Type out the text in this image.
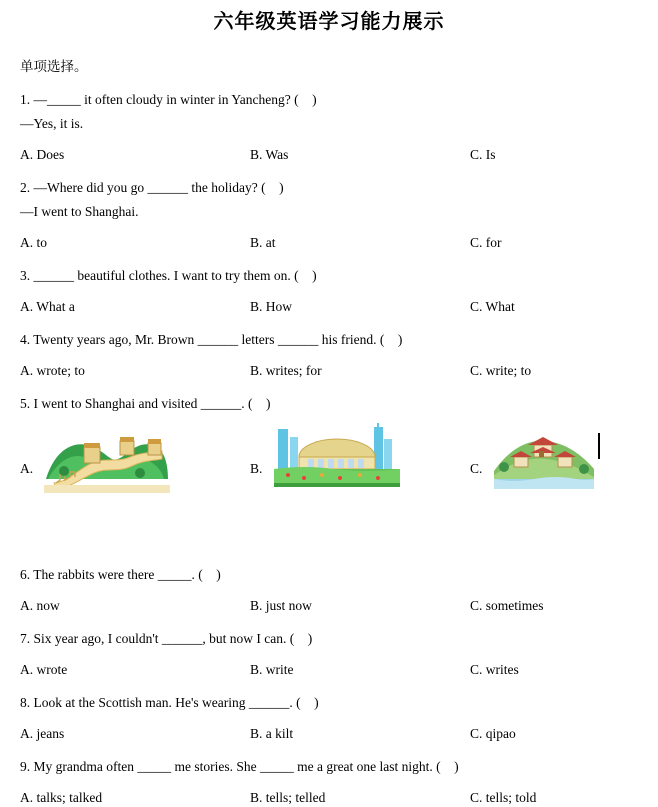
六年级英语学习能力展示
单项选择。
1. —_____ it often cloudy in winter in Yancheng? (    )
—Yes, it is.
A. Does	B. Was	C. Is
2. —Where did you go ______ the holiday? (    )
—I went to Shanghai.
A. to	B. at	C. for
3. ______ beautiful clothes. I want to try them on. (    )
A. What a	B. How	C. What
4. Twenty years ago, Mr. Brown ______ letters ______ his friend. (    )
A. wrote; to	B. writes; for	C. write; to
5. I went to Shanghai and visited ______. (    )
A.	B.	C.
6. The rabbits were there _____. (    )
A. now	B. just now	C. sometimes
7. Six year ago, I couldn't ______, but now I can. (    )
A. wrote	B. write	C. writes
8. Look at the Scottish man. He's wearing ______. (    )
A. jeans	B. a kilt	C. qipao
9. My grandma often _____ me stories. She _____ me a great one last night. (    )
A. talks; talked	B. tells; telled	C. tells; told
